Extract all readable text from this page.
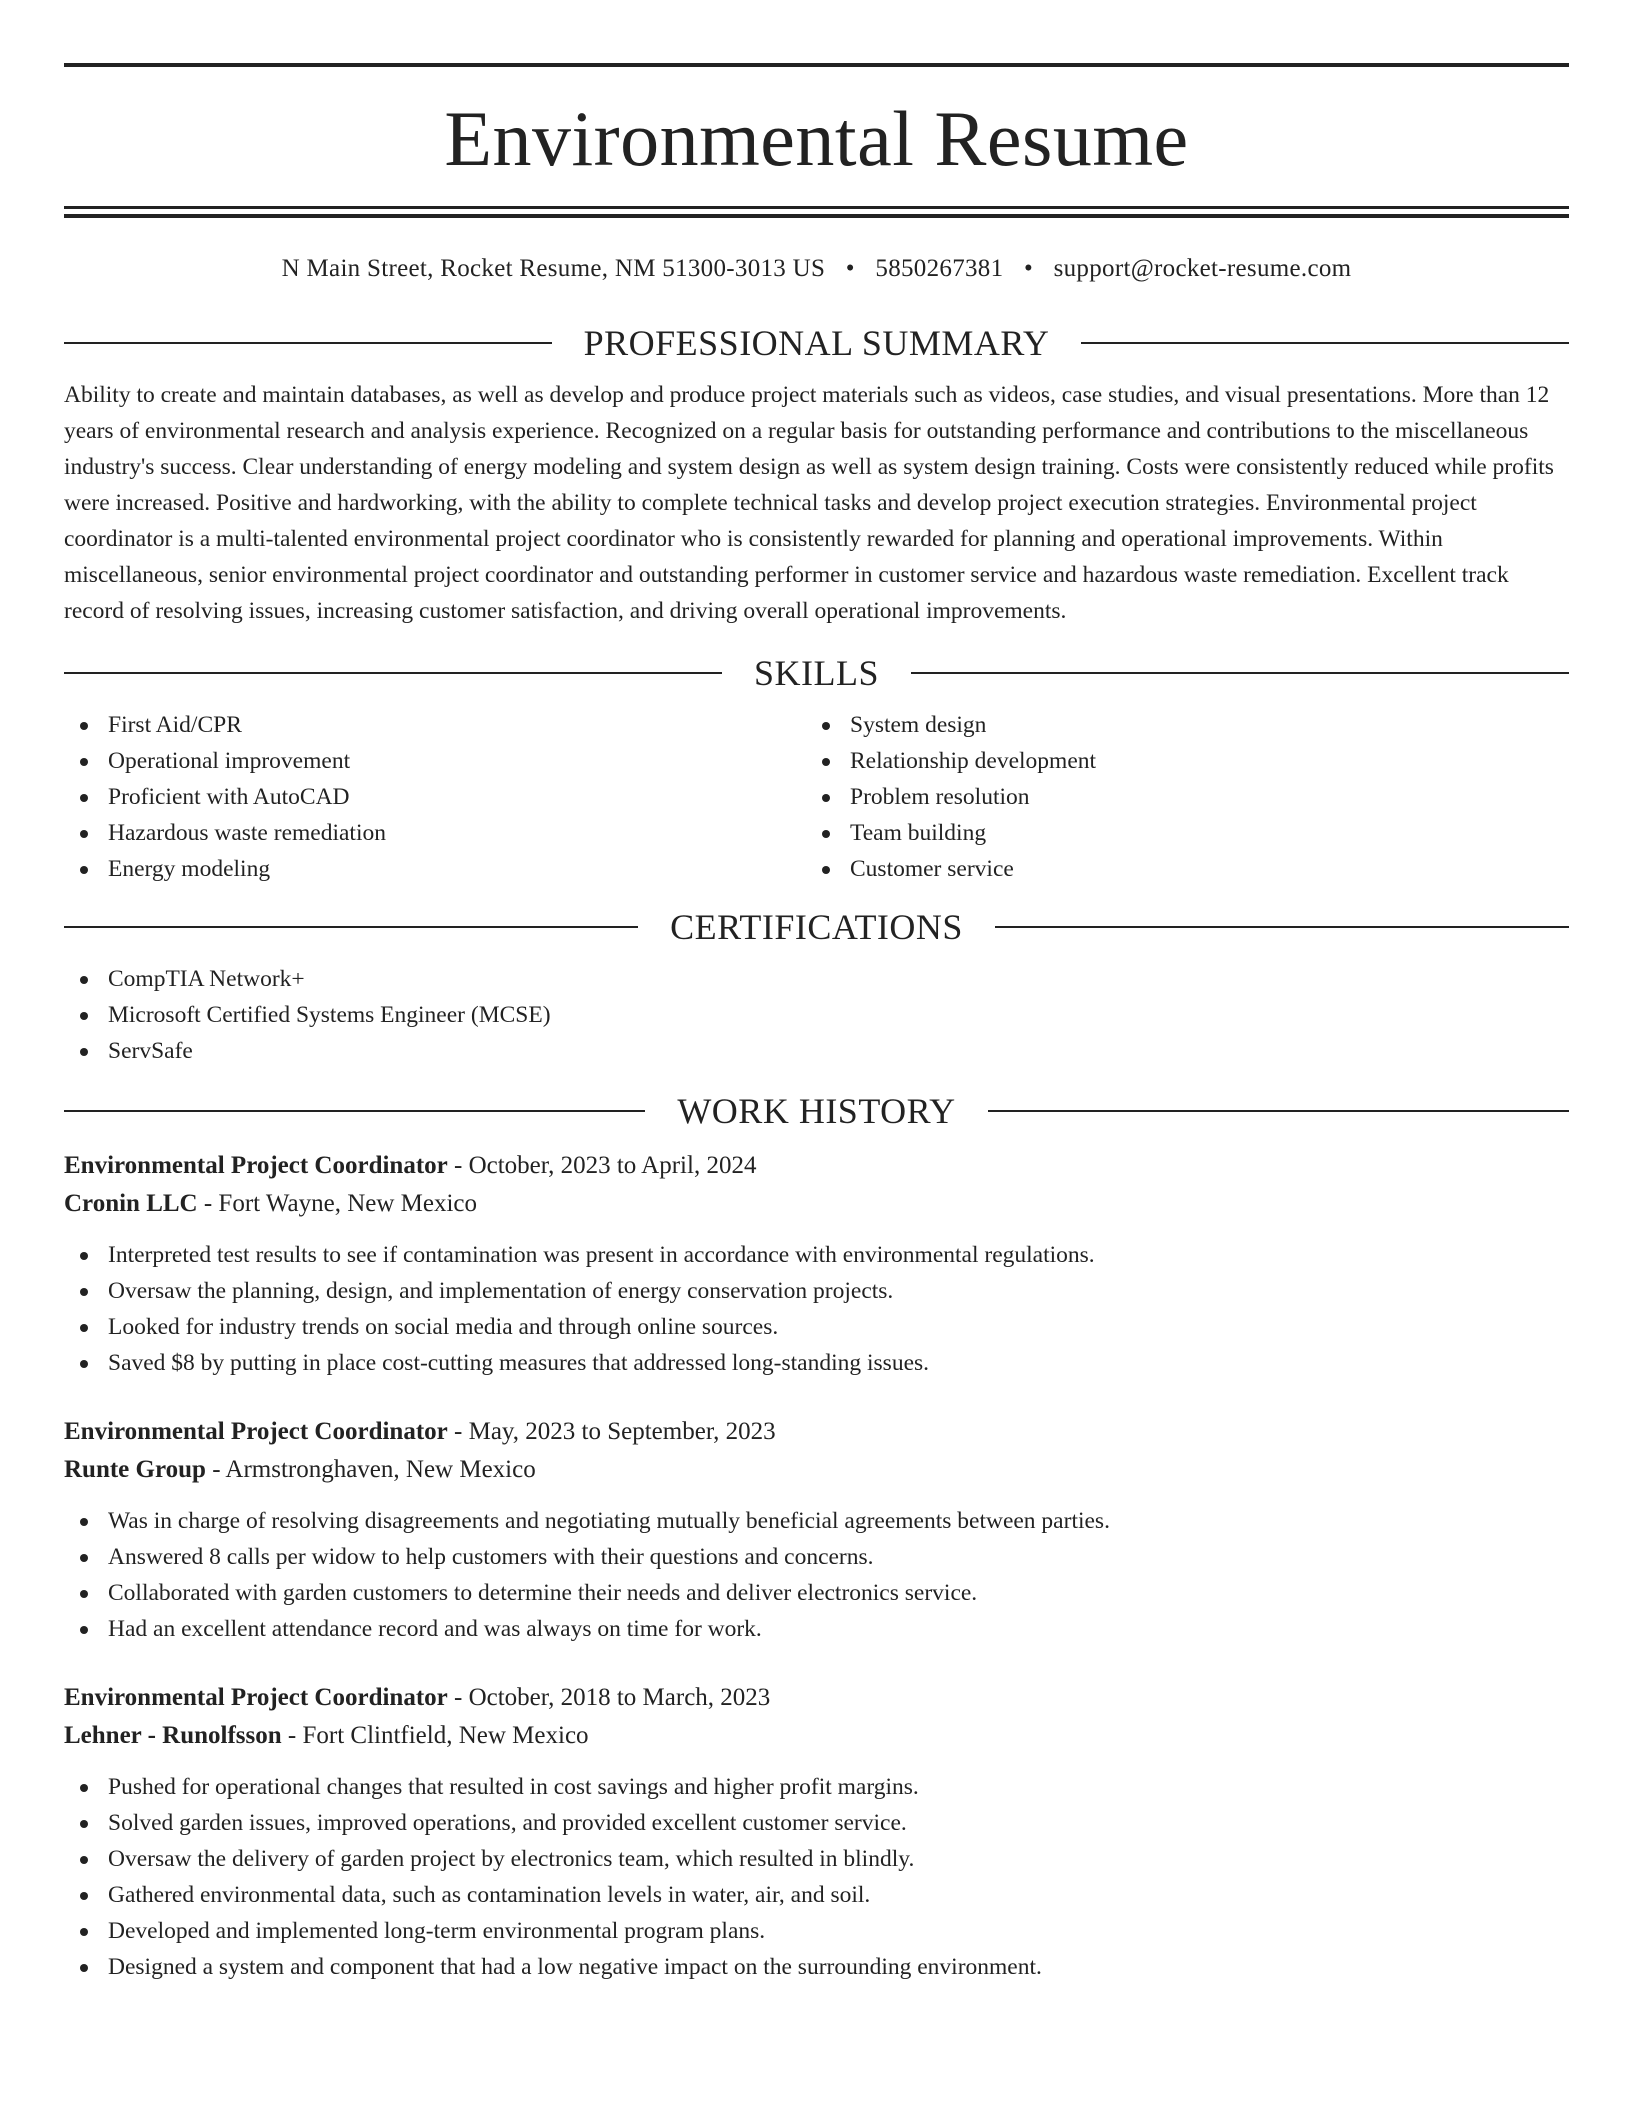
Environmental Resume
N Main Street, Rocket Resume, NM 51300-3013 US • 5850267381 • support@rocket-resume.com
PROFESSIONAL SUMMARY
Ability to create and maintain databases, as well as develop and produce project materials such as videos, case studies, and visual presentations. More than 12 years of environmental research and analysis experience. Recognized on a regular basis for outstanding performance and contributions to the miscellaneous industry's success. Clear understanding of energy modeling and system design as well as system design training. Costs were consistently reduced while profits were increased. Positive and hardworking, with the ability to complete technical tasks and develop project execution strategies. Environmental project coordinator is a multi-talented environmental project coordinator who is consistently rewarded for planning and operational improvements. Within miscellaneous, senior environmental project coordinator and outstanding performer in customer service and hazardous waste remediation. Excellent track record of resolving issues, increasing customer satisfaction, and driving overall operational improvements.
SKILLS
First Aid/CPR
Operational improvement
Proficient with AutoCAD
Hazardous waste remediation
Energy modeling
System design
Relationship development
Problem resolution
Team building
Customer service
CERTIFICATIONS
CompTIA Network+
Microsoft Certified Systems Engineer (MCSE)
ServSafe
WORK HISTORY
Environmental Project Coordinator - October, 2023 to April, 2024
Cronin LLC - Fort Wayne, New Mexico
Interpreted test results to see if contamination was present in accordance with environmental regulations.
Oversaw the planning, design, and implementation of energy conservation projects.
Looked for industry trends on social media and through online sources.
Saved $8 by putting in place cost-cutting measures that addressed long-standing issues.
Environmental Project Coordinator - May, 2023 to September, 2023
Runte Group - Armstronghaven, New Mexico
Was in charge of resolving disagreements and negotiating mutually beneficial agreements between parties.
Answered 8 calls per widow to help customers with their questions and concerns.
Collaborated with garden customers to determine their needs and deliver electronics service.
Had an excellent attendance record and was always on time for work.
Environmental Project Coordinator - October, 2018 to March, 2023
Lehner - Runolfsson - Fort Clintfield, New Mexico
Pushed for operational changes that resulted in cost savings and higher profit margins.
Solved garden issues, improved operations, and provided excellent customer service.
Oversaw the delivery of garden project by electronics team, which resulted in blindly.
Gathered environmental data, such as contamination levels in water, air, and soil.
Developed and implemented long-term environmental program plans.
Designed a system and component that had a low negative impact on the surrounding environment.
